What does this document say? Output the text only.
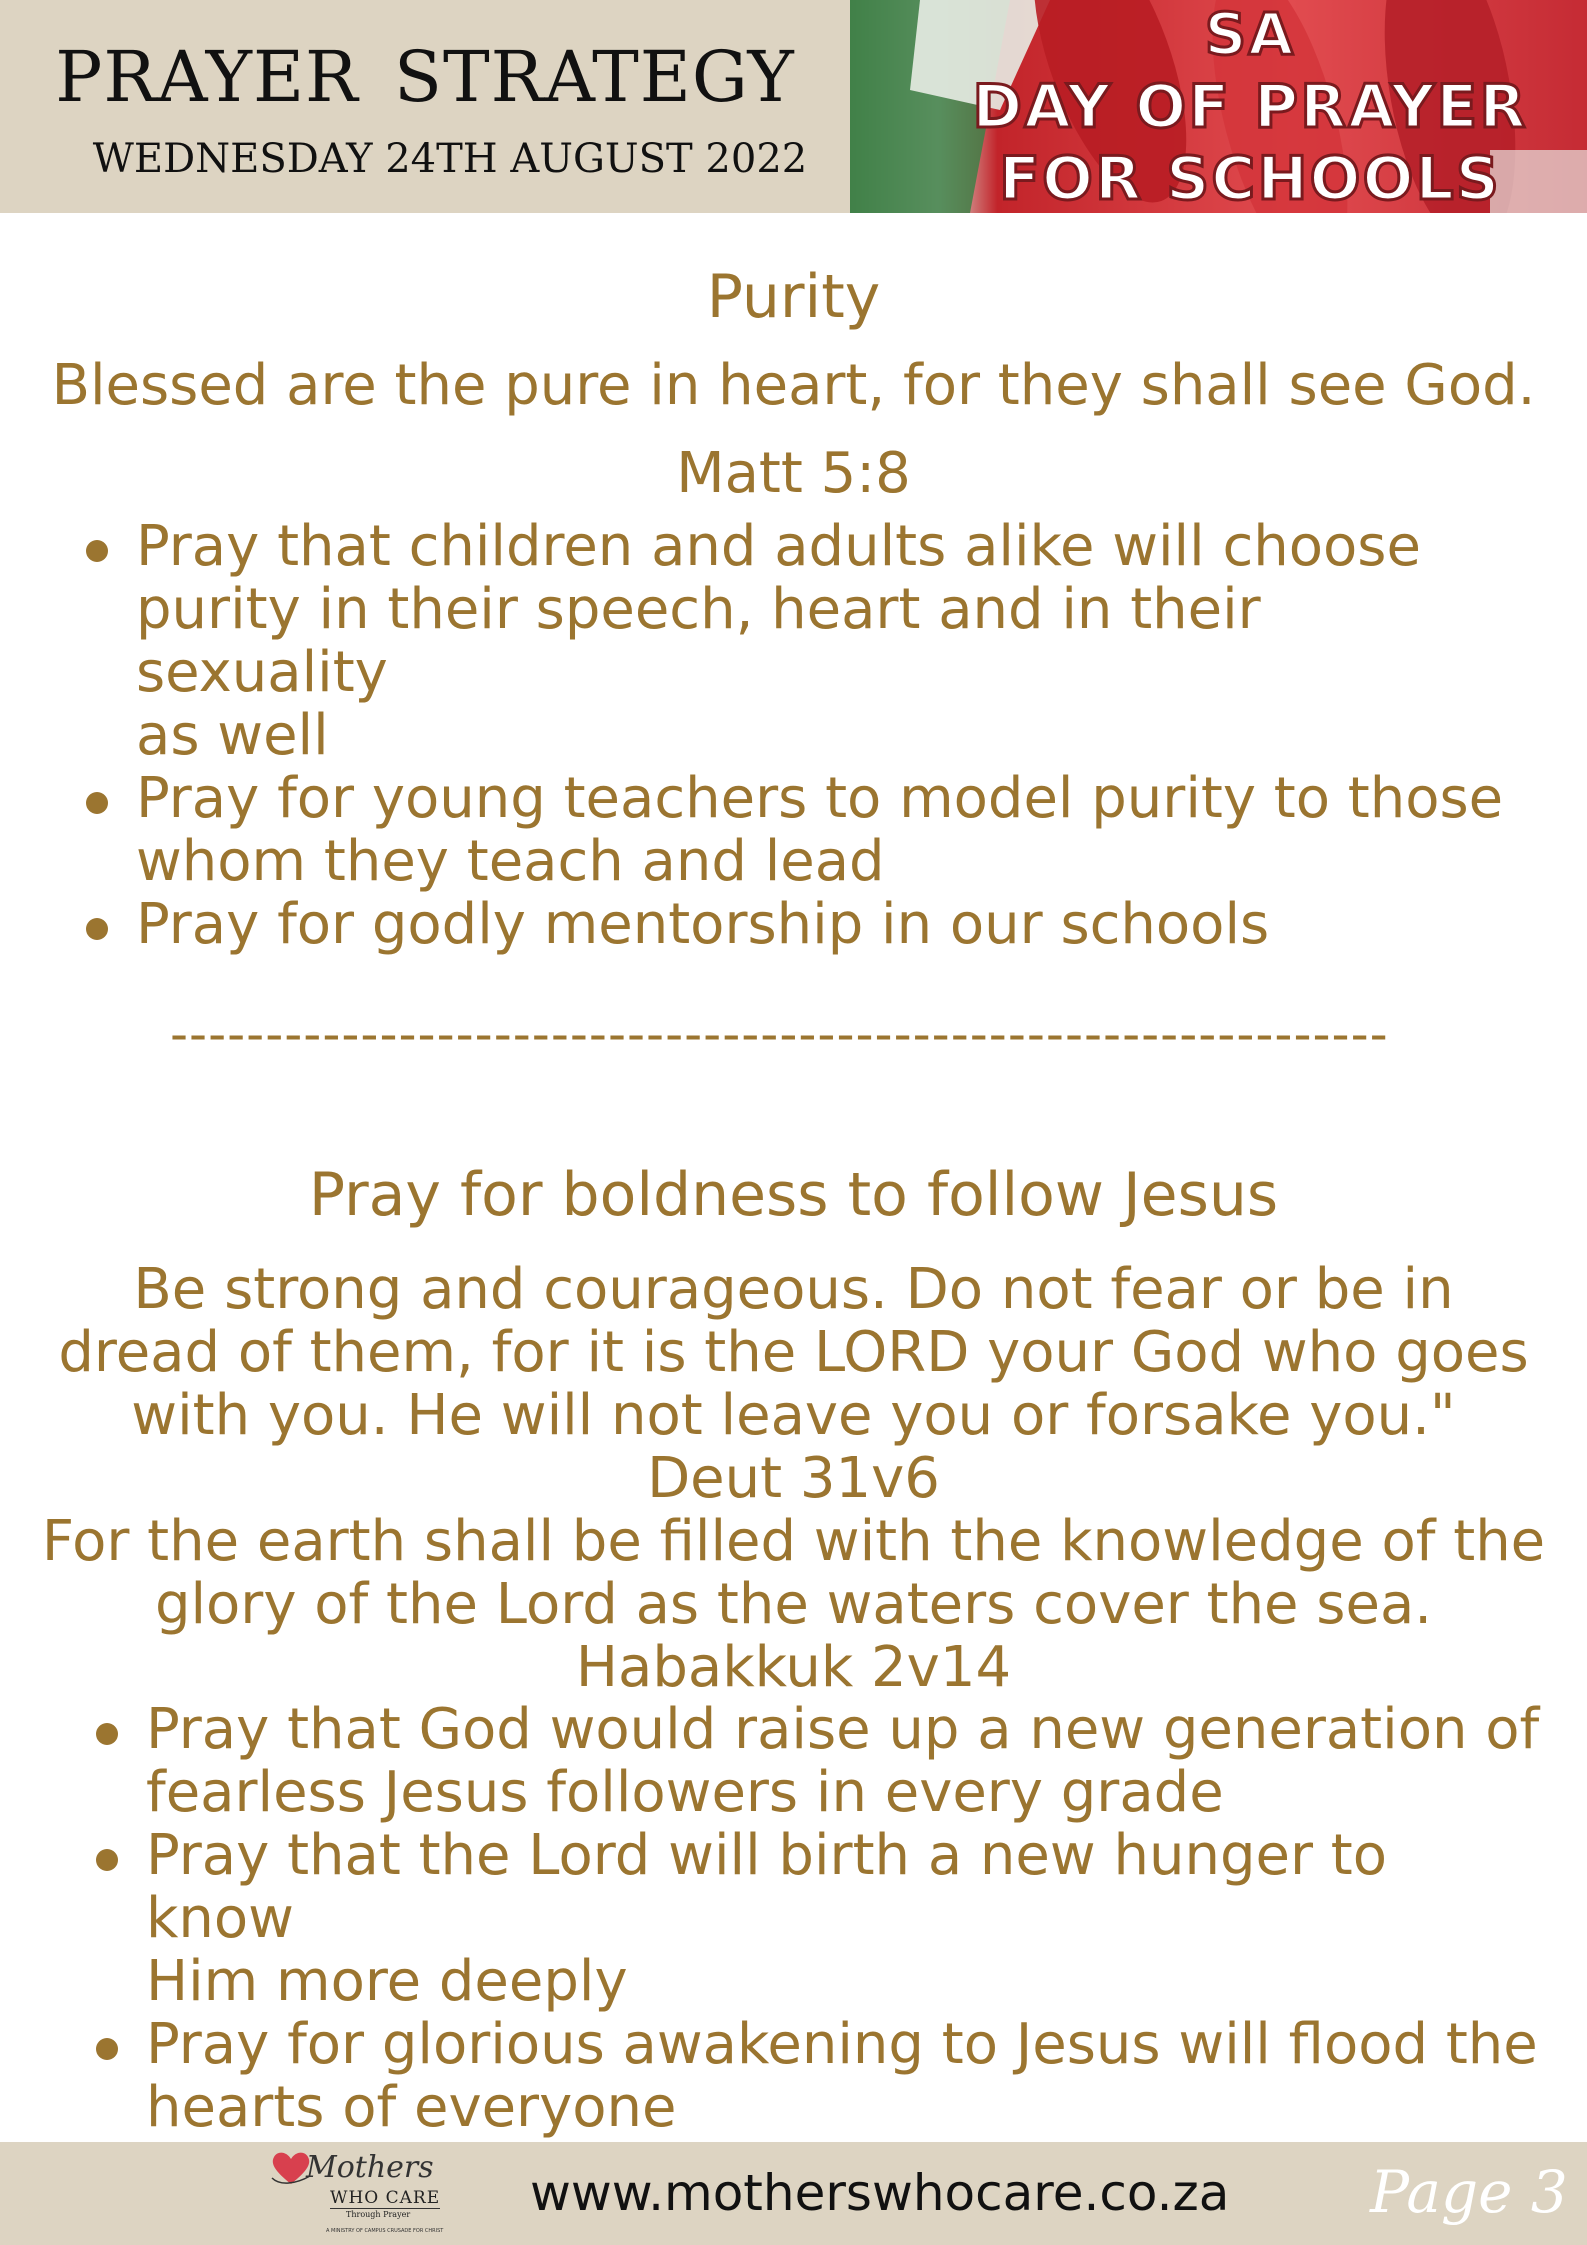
PRAYER STRATEGY
WEDNESDAY 24TH AUGUST 2022
SA
DAY OF PRAYER
FOR SCHOOLS
Purity
Blessed are the pure in heart, for they shall see God.
Matt 5:8
Pray that children and adults alike will choose
purity in their speech, heart and in their sexuality
as well
Pray for young teachers to model purity to those
whom they teach and lead
Pray for godly mentorship in our schools
----------------------------------------------------------------
Pray for boldness to follow Jesus
Be strong and courageous. Do not fear or be in
dread of them, for it is the LORD your God who goes
with you. He will not leave you or forsake you."
Deut 31v6
For the earth shall be filled with the knowledge of the
glory of the Lord as the waters cover the sea.
Habakkuk 2v14
Pray that God would raise up a new generation of
fearless Jesus followers in every grade
Pray that the Lord will birth a new hunger to know
Him more deeply
Pray for glorious awakening to Jesus will flood the
hearts of everyone
Mothers
WHO CARE
Through Prayer
A MINISTRY OF CAMPUS CRUSADE FOR CHRIST
www.motherswhocare.co.za Page 3
